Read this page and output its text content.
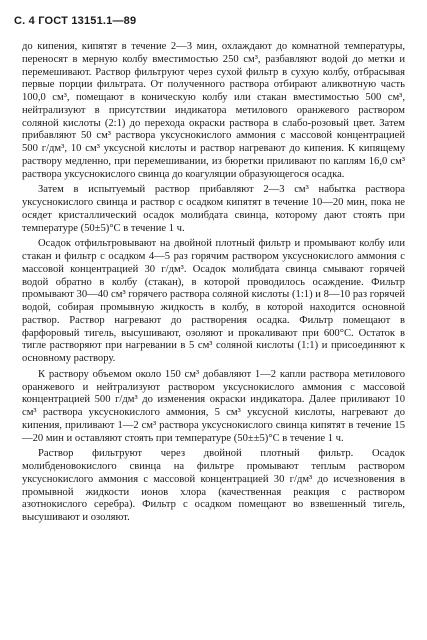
С. 4 ГОСТ 13151.1—89

до кипения, кипятят в течение 2—3 мин, охлаждают до комнатной температуры, переносят в мерную колбу вместимостью 250 см³, разбавляют водой до метки и перемешивают. Раствор фильтруют через сухой фильтр в сухую колбу, отбрасывая первые порции фильтрата. От полученного раствора отбирают аликвотную часть 100,0 см³, помещают в коническую колбу или стакан вместимостью 500 см³, нейтрализуют в присутствии индикатора метилового оранжевого раствором соляной кислоты (2:1) до перехода окраски раствора в слабо-розовый цвет. Затем прибавляют 50 см³ раствора уксуснокислого аммония с массовой концентрацией 500 г/дм³, 10 см³ уксусной кислоты и раствор нагревают до кипения. К кипящему раствору медленно, при перемешивании, из бюретки приливают по каплям 16,0 см³ раствора уксуснокислого свинца до коагуляции образующегося осадка.

Затем в испытуемый раствор прибавляют 2—3 см³ набытка раствора уксуснокислого свинца и раствор с осадком кипятят в течение 10—20 мин, пока не осядет кристаллический осадок молибдата свинца, которому дают стоять при температуре (50±5)°С в течение 1 ч.

Осадок отфильтровывают на двойной плотный фильтр и промывают колбу или стакан и фильтр с осадком 4—5 раз горячим раствором уксуснокислого аммония с массовой концентрацией 30 г/дм³. Осадок молибдата свинца смывают горячей водой обратно в колбу (стакан), в которой проводилось осаждение. Фильтр промывают 30—40 см³ горячего раствора соляной кислоты (1:1) и 8—10 раз горячей водой, собирая промывную жидкость в колбу, в которой находится основной раствор. Раствор нагревают до растворения осадка. Фильтр помещают в фарфоровый тигель, высушивают, озоляют и прокаливают при 600°С. Остаток в тигле растворяют при нагревании в 5 см³ соляной кислоты (1:1) и присоединяют к основному раствору.

К раствору объемом около 150 см³ добавляют 1—2 капли раствора метилового оранжевого и нейтрализуют раствором уксуснокислого аммония с массовой концентрацией 500 г/дм³ до изменения окраски индикатора. Далее приливают 10 см³ раствора уксуснокислого аммония, 5 см³ уксусной кислоты, нагревают до кипения, приливают 1—2 см³ раствора уксуснокислого свинца кипятят в течение 15—20 мин и оставляют стоять при температуре (50±±5)°С в течение 1 ч.

Раствор фильтруют через двойной плотный фильтр. Осадок молибденовокислого свинца на фильтре промывают теплым раствором уксуснокислого аммония с массовой концентрацией 30 г/дм³ до исчезновения в промывной жидкости ионов хлора (качественная реакция с раствором азотнокислого серебра). Фильтр с осадком помещают во взвешенный тигель, высушивают и озоляют.
